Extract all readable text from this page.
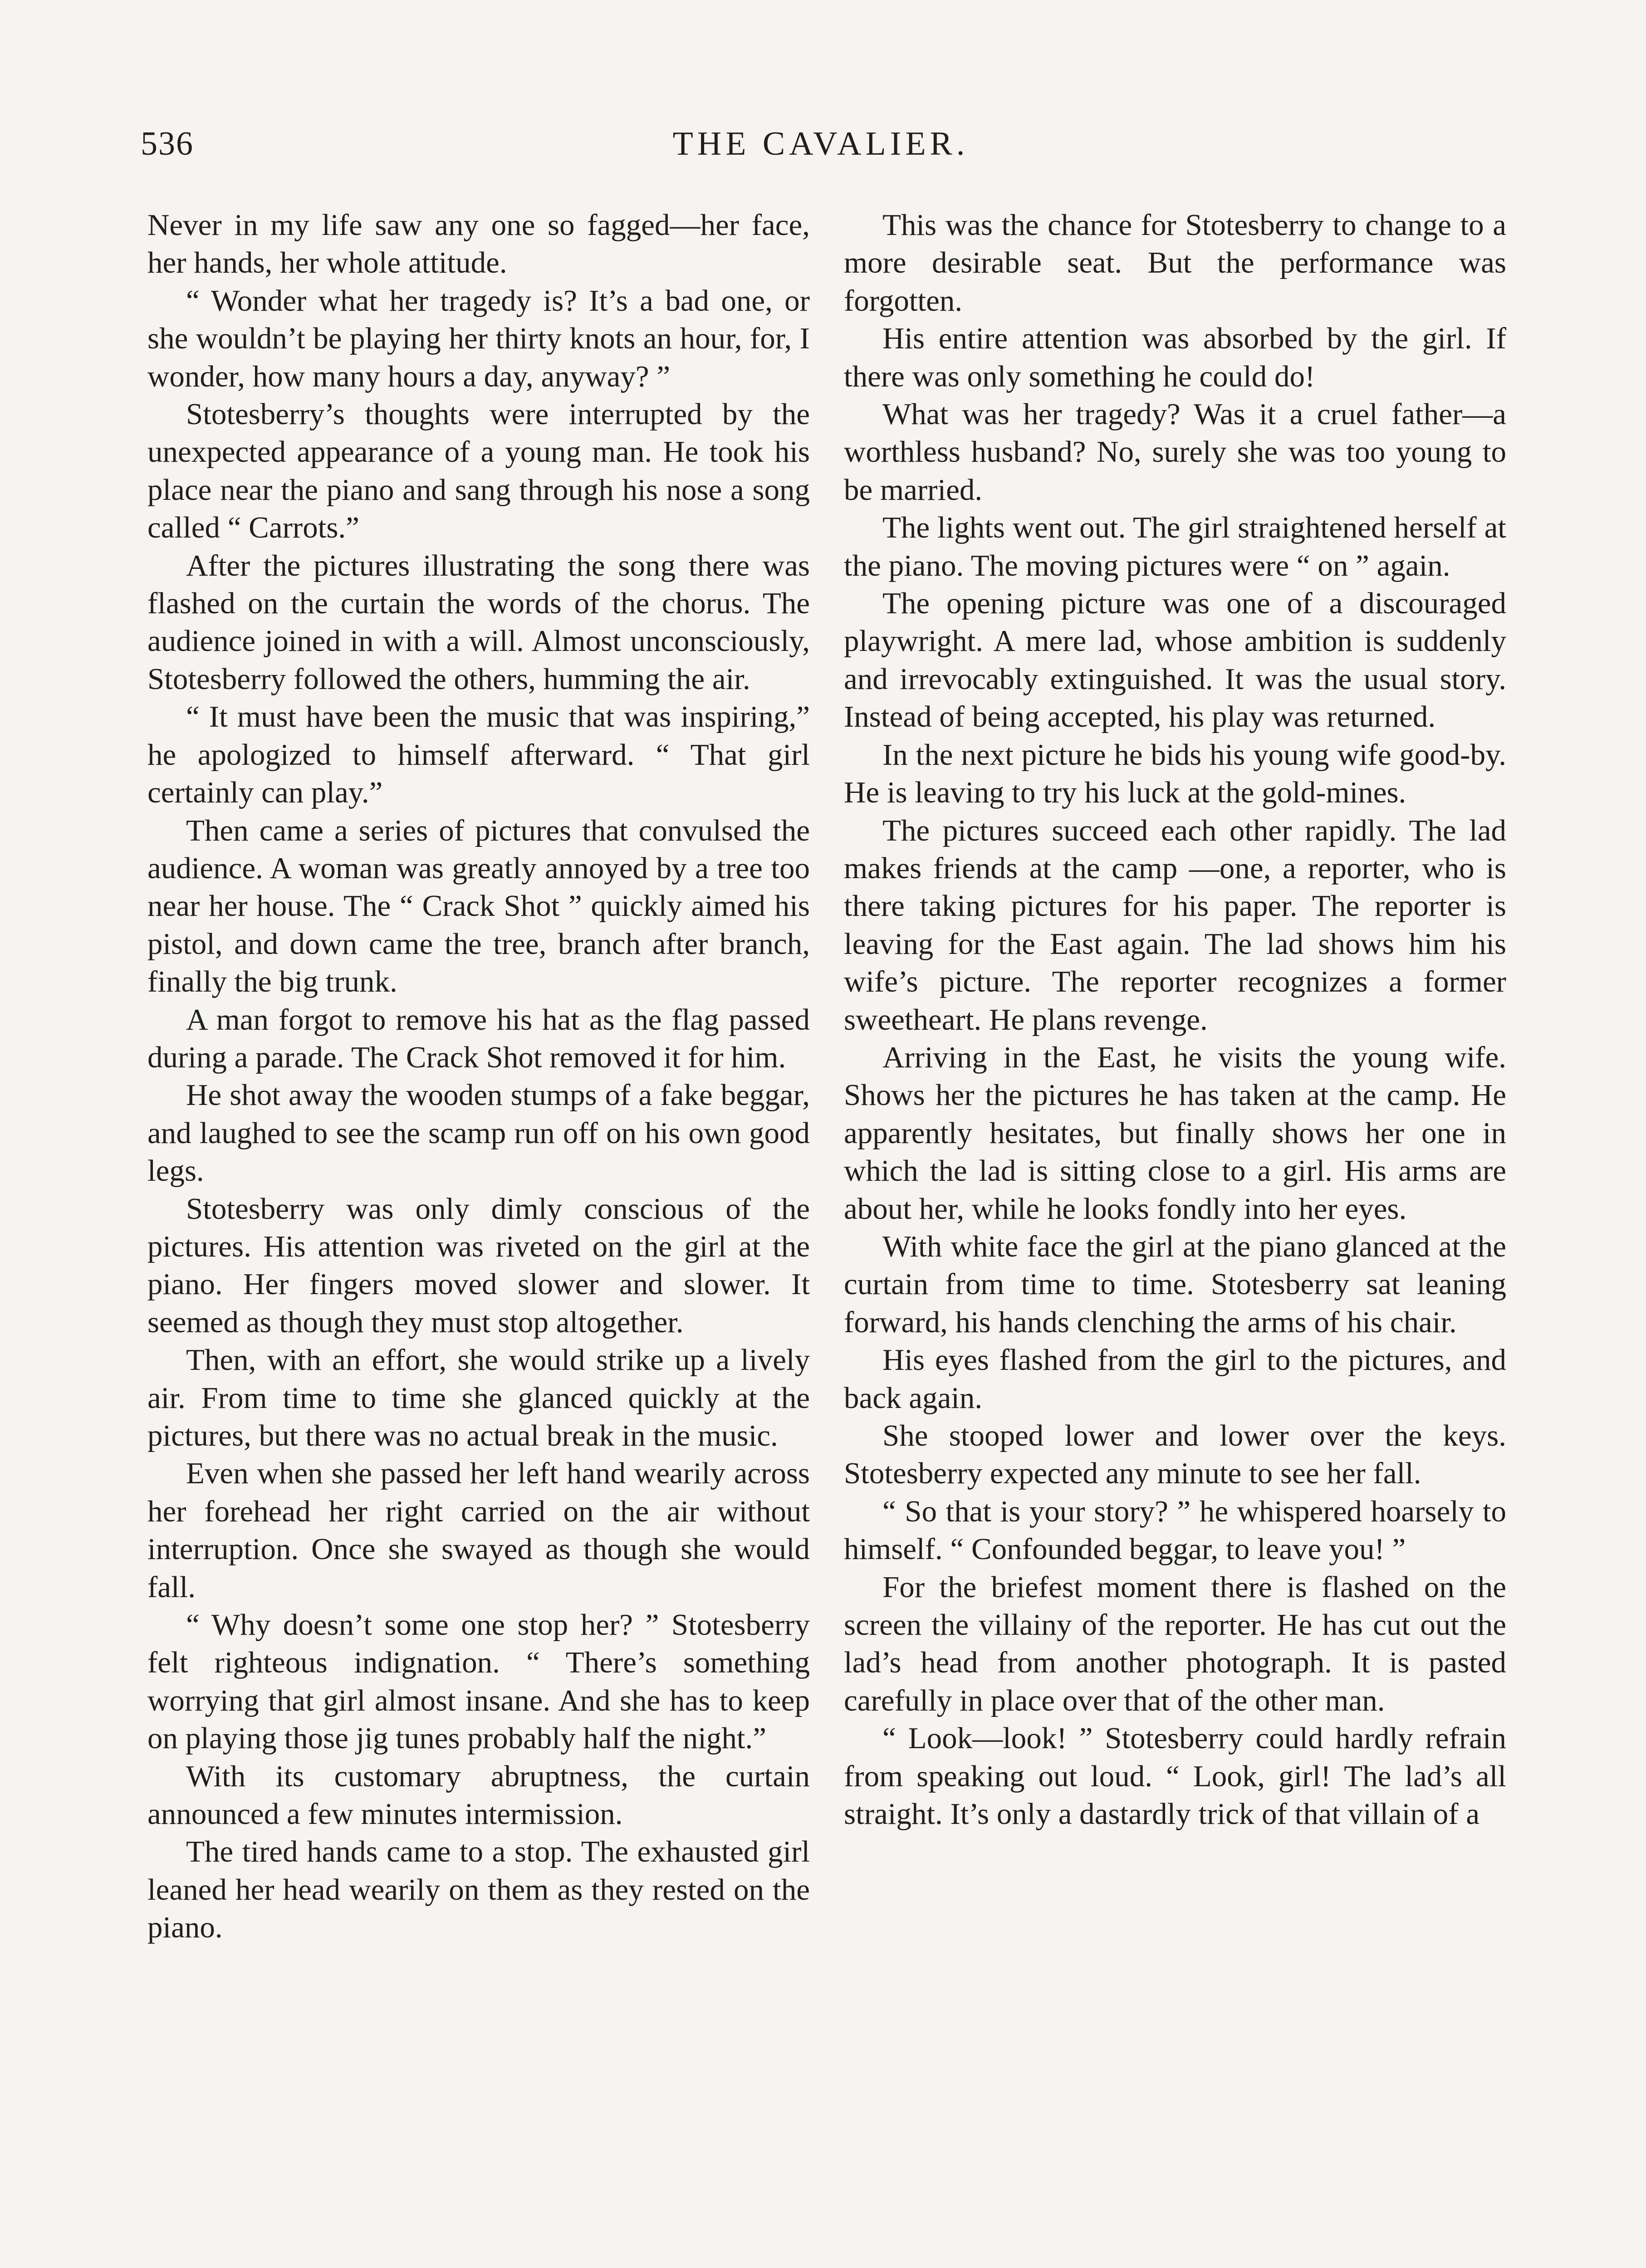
536	THE CAVALIER.

Never in my life saw any one so fagged—her face, her hands, her whole attitude.

“ Wonder what her tragedy is? It’s a bad one, or she wouldn’t be playing her thirty knots an hour, for, I wonder, how many hours a day, anyway? ”

Stotesberry’s thoughts were interrupted by the unexpected appearance of a young man. He took his place near the piano and sang through his nose a song called “ Carrots.”

After the pictures illustrating the song there was flashed on the curtain the words of the chorus. The audience joined in with a will. Almost unconsciously, Stotesberry followed the others, humming the air.

“ It must have been the music that was inspiring,” he apologized to himself afterward. “ That girl certainly can play.”

Then came a series of pictures that convulsed the audience. A woman was greatly annoyed by a tree too near her house. The “ Crack Shot ” quickly aimed his pistol, and down came the tree, branch after branch, finally the big trunk.

A man forgot to remove his hat as the flag passed during a parade. The Crack Shot removed it for him.

He shot away the wooden stumps of a fake beggar, and laughed to see the scamp run off on his own good legs.

Stotesberry was only dimly conscious of the pictures. His attention was riveted on the girl at the piano. Her fingers moved slower and slower. It seemed as though they must stop altogether.

Then, with an effort, she would strike up a lively air. From time to time she glanced quickly at the pictures, but there was no actual break in the music.

Even when she passed her left hand wearily across her forehead her right carried on the air without interruption. Once she swayed as though she would fall.

“ Why doesn’t some one stop her? ” Stotesberry felt righteous indignation. “ There’s something worrying that girl almost insane. And she has to keep on playing those jig tunes probably half the night.”

With its customary abruptness, the curtain announced a few minutes intermission.

The tired hands came to a stop. The exhausted girl leaned her head wearily on them as they rested on the piano.

This was the chance for Stotesberry to change to a more desirable seat. But the performance was forgotten.

His entire attention was absorbed by the girl. If there was only something he could do!

What was her tragedy? Was it a cruel father—a worthless husband? No, surely she was too young to be married.

The lights went out. The girl straightened herself at the piano. The moving pictures were “ on ” again.

The opening picture was one of a discouraged playwright. A mere lad, whose ambition is suddenly and irrevocably extinguished. It was the usual story. Instead of being accepted, his play was returned.

In the next picture he bids his young wife good-by. He is leaving to try his luck at the gold-mines.

The pictures succeed each other rapidly. The lad makes friends at the camp —one, a reporter, who is there taking pictures for his paper. The reporter is leaving for the East again. The lad shows him his wife’s picture. The reporter recognizes a former sweetheart. He plans revenge.

Arriving in the East, he visits the young wife. Shows her the pictures he has taken at the camp. He apparently hesitates, but finally shows her one in which the lad is sitting close to a girl. His arms are about her, while he looks fondly into her eyes.

With white face the girl at the piano glanced at the curtain from time to time. Stotesberry sat leaning forward, his hands clenching the arms of his chair.

His eyes flashed from the girl to the pictures, and back again.

She stooped lower and lower over the keys. Stotesberry expected any minute to see her fall.

“ So that is your story? ” he whispered hoarsely to himself. “ Confounded beggar, to leave you! ”

For the briefest moment there is flashed on the screen the villainy of the reporter. He has cut out the lad’s head from another photograph. It is pasted carefully in place over that of the other man.

“ Look—look! ” Stotesberry could hardly refrain from speaking out loud. “ Look, girl! The lad’s all straight. It’s only a dastardly trick of that villain of a
